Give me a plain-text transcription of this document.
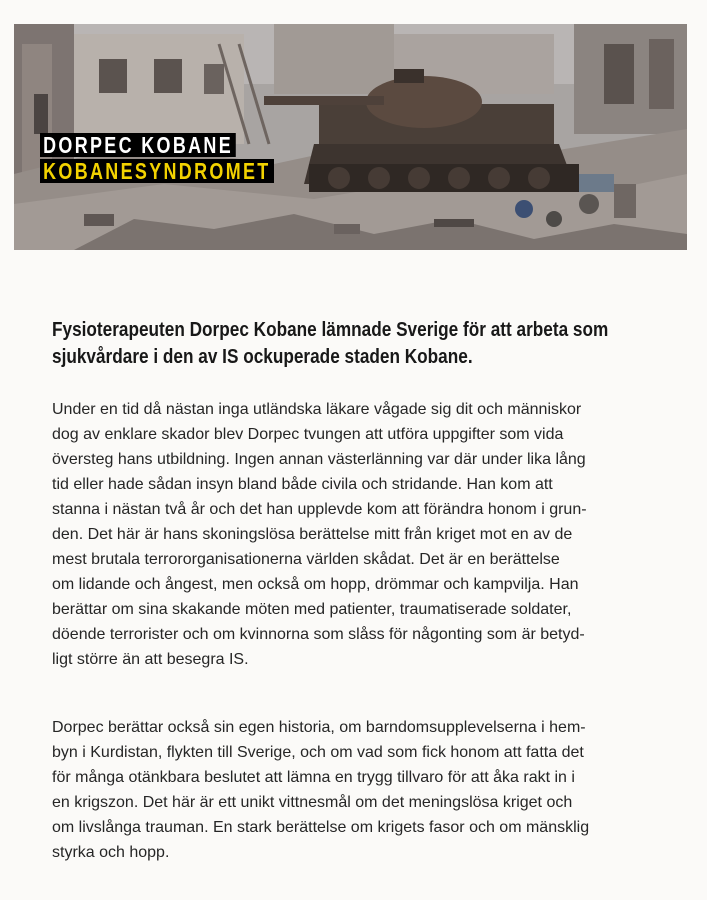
DORPEC KOBANE
KOBANESYNDROMET

Fysioterapeuten Dorpec Kobane lämnade Sverige för att arbeta som
sjukvårdare i den av IS ockuperade staden Kobane.

Under en tid då nästan inga utländska läkare vågade sig dit och människor
dog av enklare skador blev Dorpec tvungen att utföra uppgifter som vida
översteg hans utbildning. Ingen annan västerlänning var där under lika lång
tid eller hade sådan insyn bland både civila och stridande. Han kom att
stanna i nästan två år och det han upplevde kom att förändra honom i grun-
den. Det här är hans skoningslösa berättelse mitt från kriget mot en av de
mest brutala terrororganisationerna världen skådat. Det är en berättelse
om lidande och ångest, men också om hopp, drömmar och kampvilja. Han
berättar om sina skakande möten med patienter, traumatiserade soldater,
döende terrorister och om kvinnorna som slåss för någonting som är betyd-
ligt större än att besegra IS.

Dorpec berättar också sin egen historia, om barndomsupplevelserna i hem-
byn i Kurdistan, flykten till Sverige, och om vad som fick honom att fatta det
för många otänkbara beslutet att lämna en trygg tillvaro för att åka rakt in i
en krigszon. Det här är ett unikt vittnesmål om det meningslösa kriget och
om livslånga trauman. En stark berättelse om krigets fasor och om mänsklig
styrka och hopp.
